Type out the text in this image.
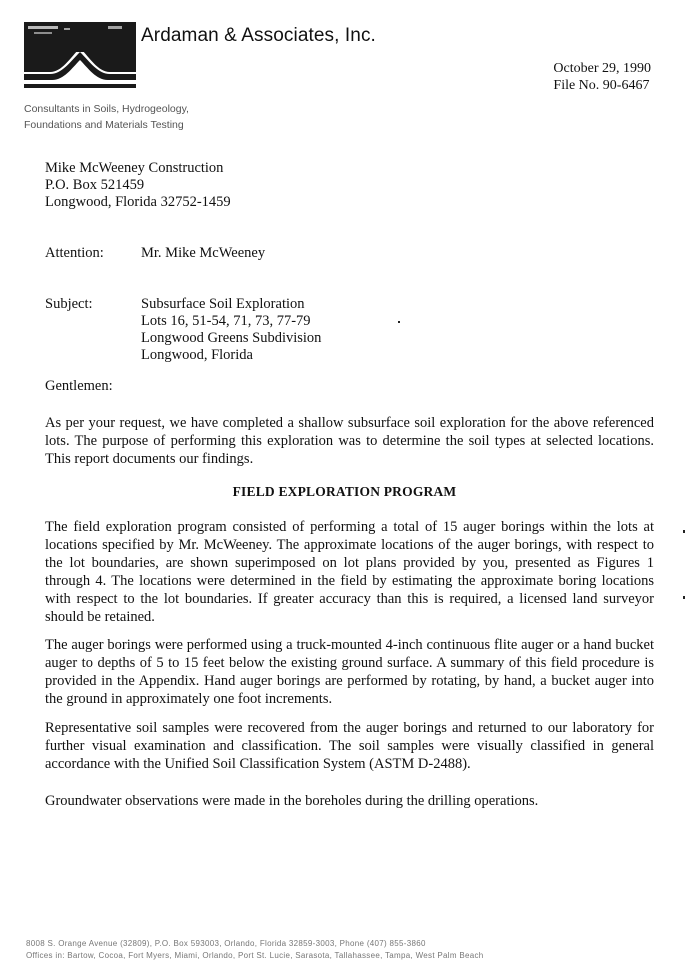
Ardaman & Associates, Inc.
Consultants in Soils, Hydrogeology,
Foundations and Materials Testing
October 29, 1990
File No. 90-6467
Mike McWeeney Construction
P.O. Box 521459
Longwood, Florida 32752-1459
Attention:	Mr. Mike McWeeney
Subject:	Subsurface Soil Exploration
Lots 16, 51-54, 71, 73, 77-79
Longwood Greens Subdivision
Longwood, Florida
Gentlemen:
As per your request, we have completed a shallow subsurface soil exploration for the above referenced lots. The purpose of performing this exploration was to determine the soil types at selected locations. This report documents our findings.
FIELD EXPLORATION PROGRAM
The field exploration program consisted of performing a total of 15 auger borings within the lots at locations specified by Mr. McWeeney. The approximate locations of the auger borings, with respect to the lot boundaries, are shown superimposed on lot plans provided by you, presented as Figures 1 through 4. The locations were determined in the field by estimating the approximate boring locations with respect to the lot boundaries. If greater accuracy than this is required, a licensed land surveyor should be retained.
The auger borings were performed using a truck-mounted 4-inch continuous flite auger or a hand bucket auger to depths of 5 to 15 feet below the existing ground surface. A summary of this field procedure is provided in the Appendix. Hand auger borings are performed by rotating, by hand, a bucket auger into the ground in approximately one foot increments.
Representative soil samples were recovered from the auger borings and returned to our laboratory for further visual examination and classification. The soil samples were visually classified in general accordance with the Unified Soil Classification System (ASTM D-2488).
Groundwater observations were made in the boreholes during the drilling operations.
8008 S. Orange Avenue (32809), P.O. Box 593003, Orlando, Florida 32859-3003, Phone (407) 855-3860
Offices in: Bartow, Cocoa, Fort Myers, Miami, Orlando, Port St. Lucie, Sarasota, Tallahassee, Tampa, West Palm Beach
